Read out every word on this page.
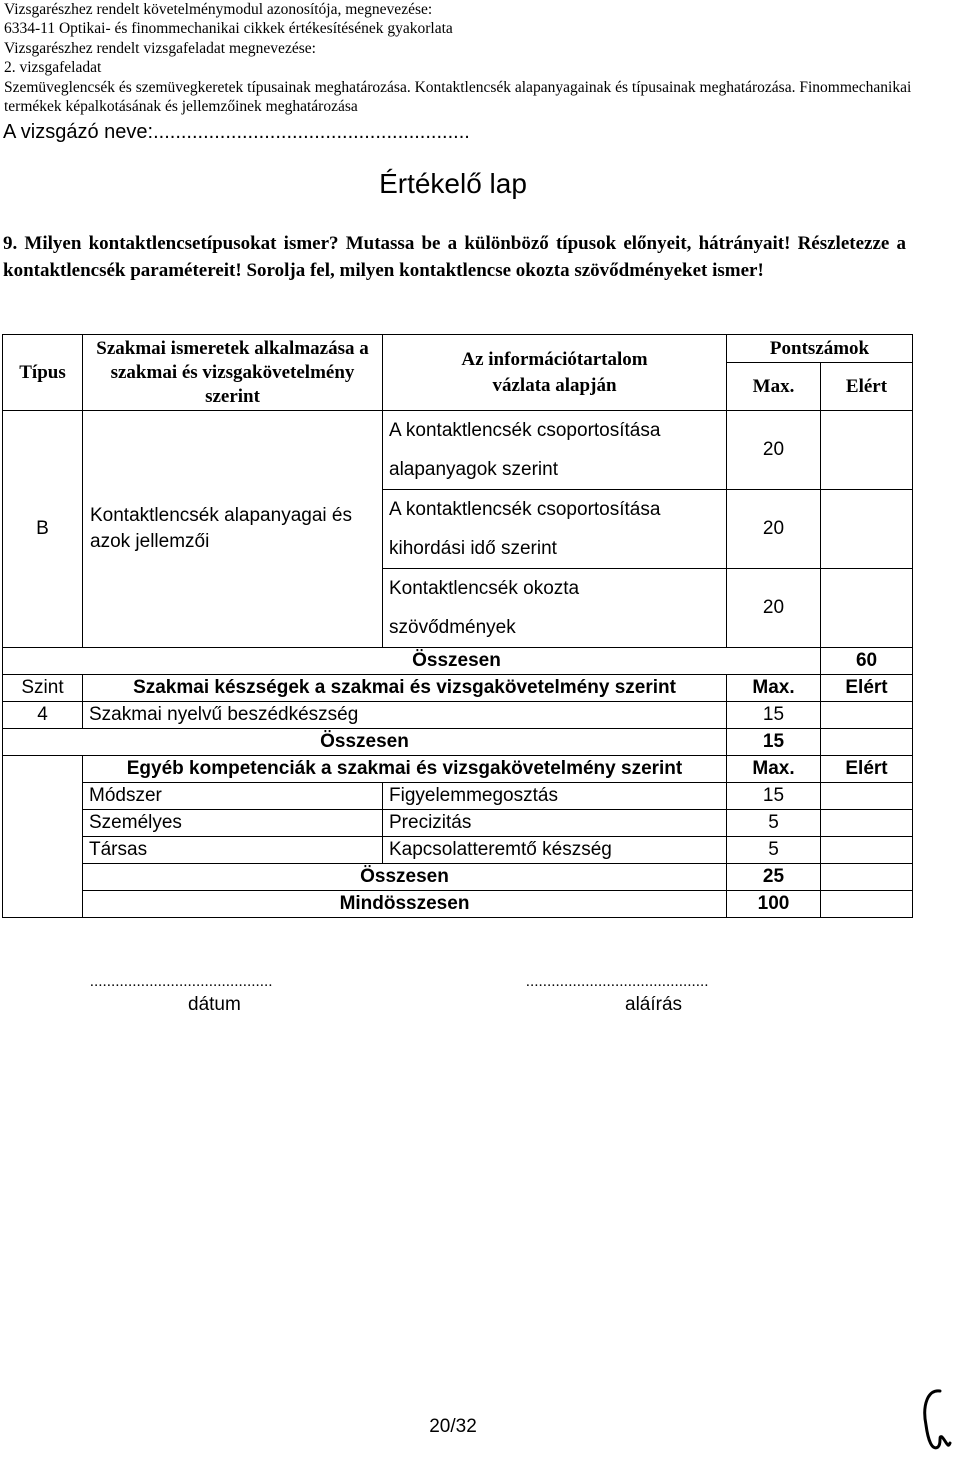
Vizsgarészhez rendelt követelménymodul azonosítója, megnevezése:
6334-11 Optikai- és finommechanikai cikkek értékesítésének gyakorlata
Vizsgarészhez rendelt vizsgafeladat megnevezése:
2. vizsgafeladat
Szemüveglencsék és szemüvegkeretek típusainak meghatározása. Kontaktlencsék alapanyagainak és típusainak meghatározása. Finommechanikai
termékek képalkotásának és jellemzőinek meghatározása
A vizsgázó neve:.........................................................
Értékelő lap
9. Milyen kontaktlencsetípusokat ismer? Mutassa be a különböző típusok előnyeit, hátrányait! Részletezze a kontaktlencsék paramétereit! Sorolja fel, milyen kontaktlencse okozta szövődményeket ismer!
Típus	Szakmai ismeretek alkalmazása a szakmai és vizsgakövetelmény szerint	Az információtartalom vázlata alapján	Pontszámok	
			Max.	Elért
B	Kontaktlencsék alapanyagai és azok jellemzői	A kontaktlencsék csoportosítása alapanyagok szerint	20	
		A kontaktlencsék csoportosítása kihordási idő szerint	20	
		Kontaktlencsék okozta szövődmények	20	
Összesen				60
Szint	Szakmai készségek a szakmai és vizsgakövetelmény szerint		Max.	Elért
4	Szakmai nyelvű beszédkészség		15	
Összesen			15	
	Egyéb kompetenciák a szakmai és vizsgakövetelmény szerint		Max.	Elért
	Módszer	Figyelemmegosztás	15	
	Személyes	Precizitás	5	
	Társas	Kapcsolatteremtő készség	5	
	Összesen		25	
	Mindösszesen		100	
...........................................
dátum
...........................................
aláírás
20/32
